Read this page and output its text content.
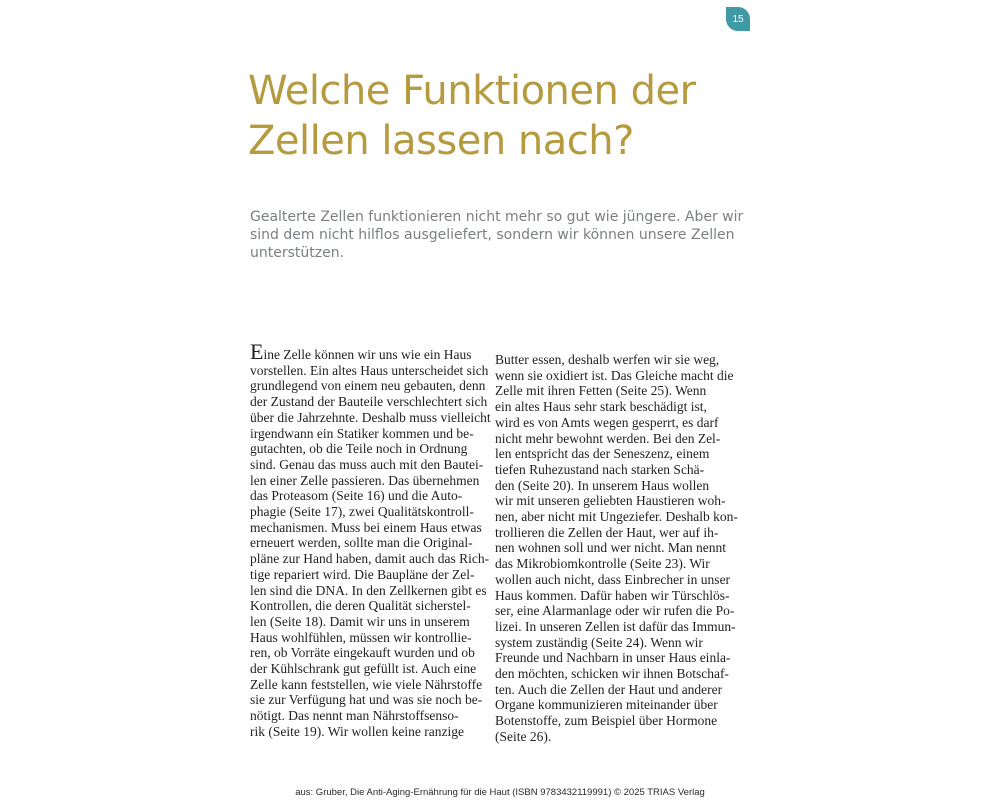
15
Welche Funktionen der
Zellen lassen nach?

Gealterte Zellen funktionieren nicht mehr so gut wie jüngere. Aber wir
sind dem nicht hilflos ausgeliefert, sondern wir können unsere Zellen
unterstützen.

Eine Zelle können wir uns wie ein Haus
vorstellen. Ein altes Haus unterscheidet sich
grundlegend von einem neu gebauten, denn
der Zustand der Bauteile verschlechtert sich
über die Jahrzehnte. Deshalb muss vielleicht
irgendwann ein Statiker kommen und be-
gutachten, ob die Teile noch in Ordnung
sind. Genau das muss auch mit den Bautei-
len einer Zelle passieren. Das übernehmen
das Proteasom (Seite 16) und die Auto-
phagie (Seite 17), zwei Qualitätskontroll-
mechanismen. Muss bei einem Haus etwas
erneuert werden, sollte man die Original-
pläne zur Hand haben, damit auch das Rich-
tige repariert wird. Die Baupläne der Zel-
len sind die DNA. In den Zellkernen gibt es
Kontrollen, die deren Qualität sicherstel-
len (Seite 18). Damit wir uns in unserem
Haus wohlfühlen, müssen wir kontrollie-
ren, ob Vorräte eingekauft wurden und ob
der Kühlschrank gut gefüllt ist. Auch eine
Zelle kann feststellen, wie viele Nährstoffe
sie zur Verfügung hat und was sie noch be-
nötigt. Das nennt man Nährstoffsenso-
rik (Seite 19). Wir wollen keine ranzige
Butter essen, deshalb werfen wir sie weg,
wenn sie oxidiert ist. Das Gleiche macht die
Zelle mit ihren Fetten (Seite 25). Wenn
ein altes Haus sehr stark beschädigt ist,
wird es von Amts wegen gesperrt, es darf
nicht mehr bewohnt werden. Bei den Zel-
len entspricht das der Seneszenz, einem
tiefen Ruhezustand nach starken Schä-
den (Seite 20). In unserem Haus wollen
wir mit unseren geliebten Haustieren woh-
nen, aber nicht mit Ungeziefer. Deshalb kon-
trollieren die Zellen der Haut, wer auf ih-
nen wohnen soll und wer nicht. Man nennt
das Mikrobiomkontrolle (Seite 23). Wir
wollen auch nicht, dass Einbrecher in unser
Haus kommen. Dafür haben wir Türschlös-
ser, eine Alarmanlage oder wir rufen die Po-
lizei. In unseren Zellen ist dafür das Immun-
system zuständig (Seite 24). Wenn wir
Freunde und Nachbarn in unser Haus einla-
den möchten, schicken wir ihnen Botschaf-
ten. Auch die Zellen der Haut und anderer
Organe kommunizieren miteinander über
Botenstoffe, zum Beispiel über Hormone
(Seite 26).

aus: Gruber, Die Anti-Aging-Ernährung für die Haut (ISBN 9783432119991) © 2025 TRIAS Verlag
